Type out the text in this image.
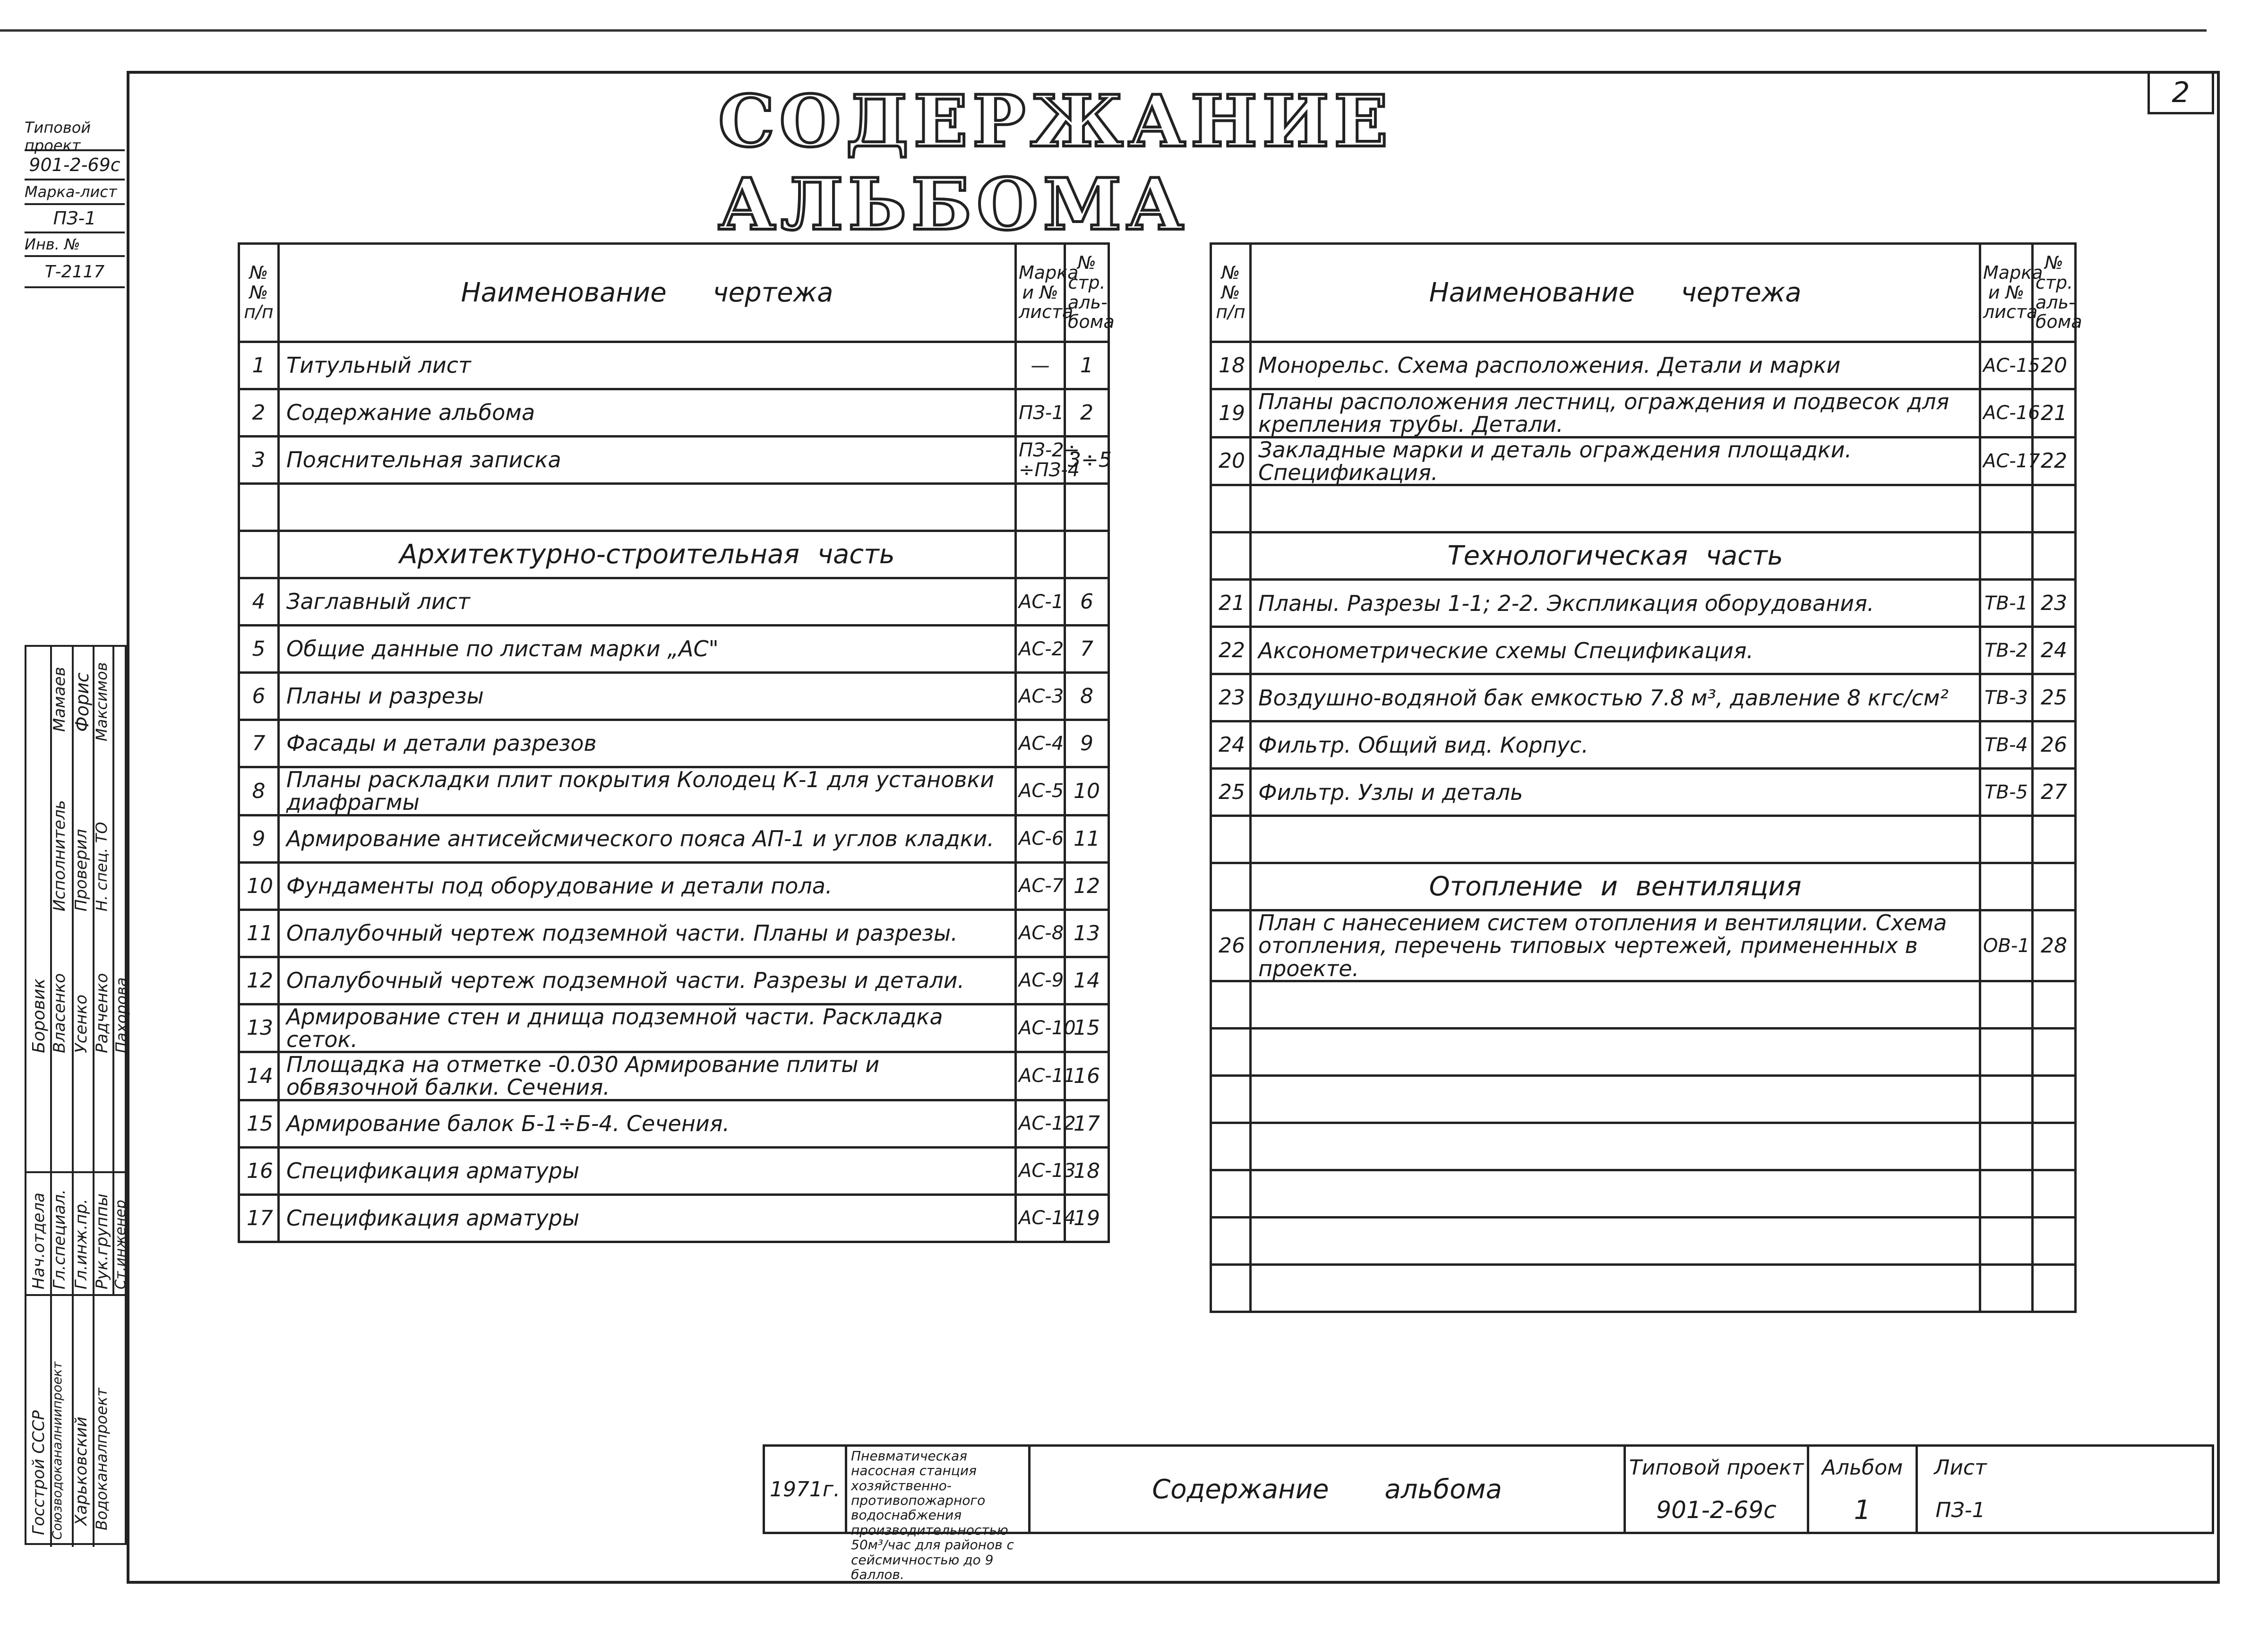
2
СОДЕРЖАНИЕ АЛЬБОМА
Типовой проект
901-2-69с
Марка-лист
ПЗ-1
Инв. №
Т-2117
Нач.отдела Гл.специал. Гл.инж.пр. Рук.группы Ст.инженер
Боровик Власенко Усенко Радченко Пахорова
Исполнитель Проверил Н. спец. ТО
Мамаев Форис Максимов
Госстрой СССР Союзводоканалниипроект Харьковский Водоканалпроект
№№ п/п	Наименование чертежа	Марка и № листа	№ стр. аль- бома
1	Титульный лист	—	1
2	Содержание альбома	ПЗ-1	2
3	Пояснительная записка	ПЗ-2÷ ÷ПЗ-4	3÷5

	Архитектурно-строительная часть		
4	Заглавный лист	АС-1	6
5	Общие данные по листам марки „АС"	АС-2	7
6	Планы и разрезы	АС-3	8
7	Фасады и детали разрезов	АС-4	9
8	Планы раскладки плит покрытия Колодец К-1 для установки диафрагмы	АС-5	10
9	Армирование антисейсмического пояса АП-1 и углов кладки.	АС-6	11
10	Фундаменты под оборудование и детали пола.	АС-7	12
11	Опалубочный чертеж подземной части. Планы и разрезы.	АС-8	13
12	Опалубочный чертеж подземной части. Разрезы и детали.	АС-9	14
13	Армирование стен и днища подземной части. Раскладка сеток.	АС-10	15
14	Площадка на отметке -0.030 Армирование плиты и обвязочной балки. Сечения.	АС-11	16
15	Армирование балок Б-1÷Б-4. Сечения.	АС-12	17
16	Спецификация арматуры	АС-13	18
17	Спецификация арматуры	АС-14	19
№№ п/п	Наименование чертежа	Марка и № листа	№ стр. аль- бома
18	Монорельс. Схема расположения. Детали и марки	АС-15	20
19	Планы расположения лестниц, ограждения и подвесок для крепления трубы. Детали.	АС-16	21
20	Закладные марки и деталь ограждения площадки. Спецификация.	АС-17	22

	Технологическая часть		
21	Планы. Разрезы 1-1; 2-2. Экспликация оборудования.	ТВ-1	23
22	Аксонометрические схемы Спецификация.	ТВ-2	24
23	Воздушно-водяной бак емкостью 7.8 м³, давление 8 кгс/см²	ТВ-3	25
24	Фильтр. Общий вид. Корпус.	ТВ-4	26
25	Фильтр. Узлы и деталь	ТВ-5	27

	Отопление и вентиляция		
26	План с нанесением систем отопления и вентиляции. Схема отопления, перечень типовых чертежей, примененных в проекте.	ОВ-1	28

1971г.
Пневматическая насосная станция хозяйственно-противопожарного водоснабжения производительностью 50м³/час для районов с сейсмичностью до 9 баллов.
Содержание альбома
Типовой проект
901-2-69с
Альбом
1
Лист
ПЗ-1
